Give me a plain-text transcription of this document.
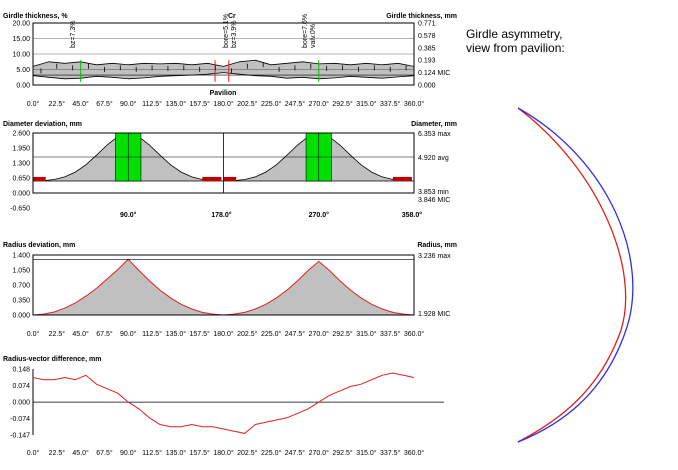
Girdle thickness, %	Cr	Girdle thickness, mm
20.00
15.00
10.00
5.00
0.00
0.771
0.578
0.385
0.193
0.124 MIC
0.000
Pavilion
bz=7.3%	bore=5.1% bz=3.9%	bore=7.6% valv.0%
0.0° 22.5° 45.0° 67.5° 90.0° 112.5° 135.0° 157.5° 180.0° 202.5° 225.0° 247.5° 270.0° 292.5° 315.0° 337.5° 360.0°
Diameter deviation, mm	Diameter, mm
2.600
1.950
1.300
0.650
0.000
-0.650
6.353 max
4.920 avg
3.853 min
3.846 MIC
90.0°	178.0°	270.0°	358.0°
Radius deviation, mm	Radius, mm
1.400
1.050
0.700
0.350
0.000
3.236 max
1.928 MIC
0.0° 22.5° 45.0° 67.5° 90.0° 112.5° 135.0° 157.5° 180.0° 202.5° 225.0° 247.5° 270.0° 292.5° 315.0° 337.5° 360.0°
Radius-vector difference, mm
0.148
0.074
0.000
-0.074
-0.147
0.0° 22.5° 45.0° 67.5° 90.0° 112.5° 135.0° 157.5° 180.0° 202.5° 225.0° 247.5° 270.0° 292.5° 315.0° 337.5° 360.0°
Girdle asymmetry,
view from pavilion:
